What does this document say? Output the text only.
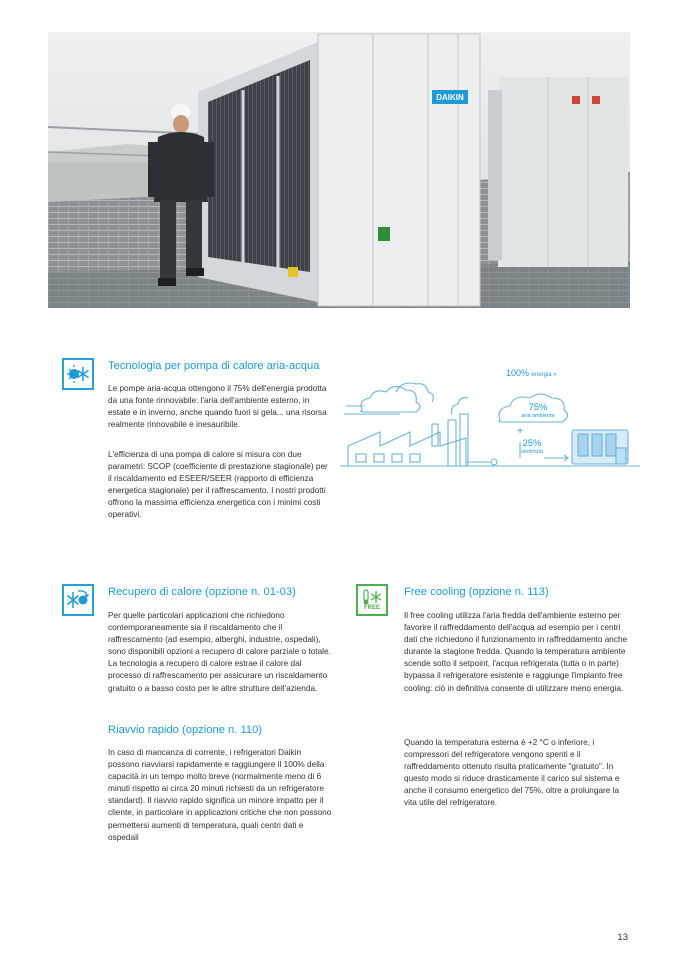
DAIKIN
Tecnologia per pompa di calore aria-acqua

Le pompe aria-acqua ottengono il 75% dell'energia prodotta da una fonte rinnovabile: l'aria dell'ambiente esterno, in estate e in inverno, anche quando fuori si gela... una risorsa realmente rinnovabile e inesauribile.

L'efficienza di una pompa di calore si misura con due parametri: SCOP (coefficiente di prestazione stagionale) per il riscaldamento ed ESEER/SEER (rapporto di efficienza energetica stagionale) per il raffrescamento. I nostri prodotti offrono la massima efficienza energetica con i minimi costi operativi.

100% energia »
75%
aria ambiente
+
25%
elettricità
Recupero di calore (opzione n. 01-03)

Per quelle particolari applicazioni che richiedono contemporaneamente sia il riscaldamento che il raffrescamento (ad esempio, alberghi, industrie, ospedali), sono disponibili opzioni a recupero di calore parziale o totale. La tecnologia a recupero di calore estrae il calore dal processo di raffrescamento per assicurare un riscaldamento gratuito o a basso costo per le altre strutture dell'azienda.

Riavvio rapido (opzione n. 110)

In caso di mancanza di corrente, i refrigeratori Daikin possono riavviarsi rapidamente e raggiungere il 100% della capacità in un tempo molto breve (normalmente meno di 6 minuti rispetto ai circa 20 minuti richiesti da un refrigeratore standard). Il riavvio rapido significa un minore impatto per il cliente, in particolare in applicazioni critiche che non possono permettersi aumenti di temperatura, quali centri dati e ospedali

FREE
Free cooling (opzione n. 113)

Il free cooling utilizza l'aria fredda dell'ambiente esterno per favorire il raffreddamento dell'acqua ad esempio per i centri dati che richiedono il funzionamento in raffreddamento anche durante la stagione fredda. Quando la temperatura ambiente scende sotto il setpoint, l'acqua refrigerata (tutta o in parte) bypassa il refrigeratore esistente e raggiunge l'impianto free cooling: ciò in definitiva consente di utilizzare meno energia.

Quando la temperatura esterna è +2 °C o inferiore, i compressori del refrigeratore vengono spenti e il raffreddamento ottenuto risulta praticamente "gratuito". In questo modo si riduce drasticamente il carico sul sistema e anche il consumo energetico del 75%, oltre a prolungare la vita utile del refrigeratore.

13
